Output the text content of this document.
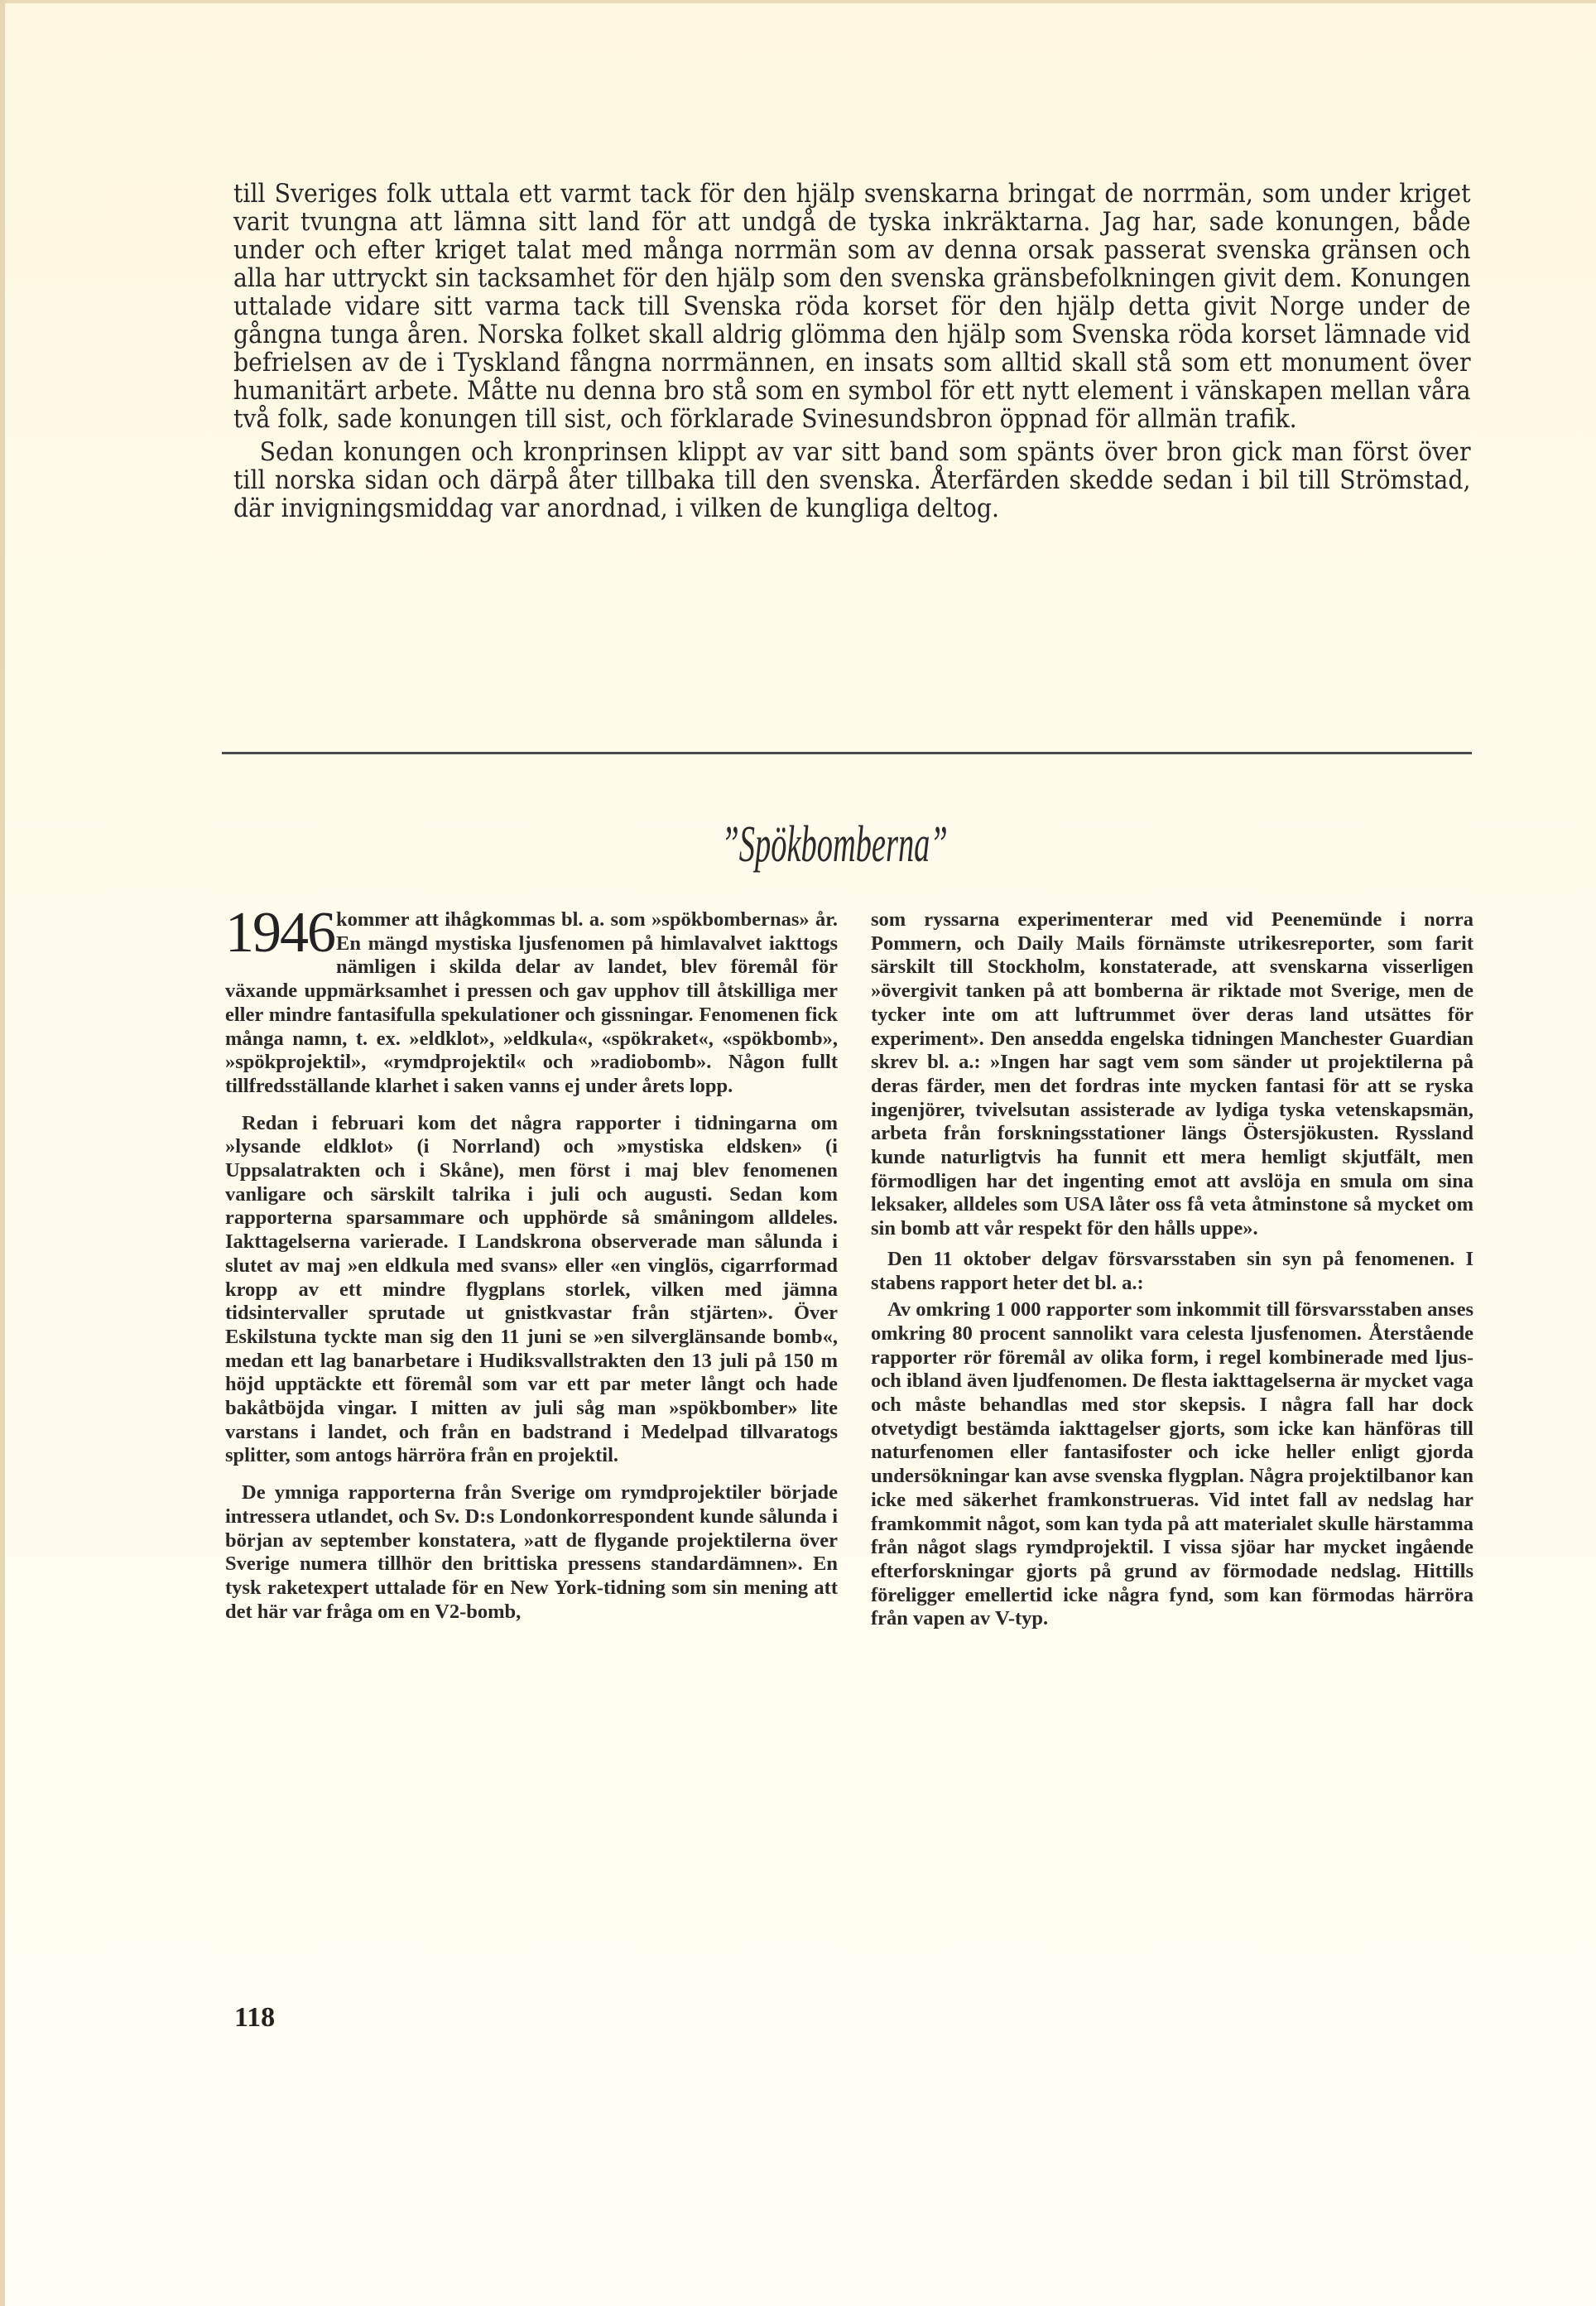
till Sveriges folk uttala ett varmt tack för den hjälp svenskarna bringat de norrmän, som under kriget varit tvungna att lämna sitt land för att undgå de tyska inkräktarna. Jag har, sade konungen, både under och efter kriget talat med många norrmän som av denna orsak passerat svenska gränsen och alla har uttryckt sin tacksamhet för den hjälp som den svenska gränsbefolkningen givit dem. Konungen uttalade vidare sitt varma tack till Svenska röda korset för den hjälp detta givit Norge under de gångna tunga åren. Norska folket skall aldrig glömma den hjälp som Svenska röda korset lämnade vid befrielsen av de i Tyskland fångna norrmännen, en insats som alltid skall stå som ett monument över humanitärt arbete. Måtte nu denna bro stå som en symbol för ett nytt element i vänskapen mellan våra två folk, sade konungen till sist, och förklarade Svinesundsbron öppnad för allmän trafik.

Sedan konungen och kronprinsen klippt av var sitt band som spänts över bron gick man först över till norska sidan och därpå åter tillbaka till den svenska. Återfärden skedde sedan i bil till Strömstad, där invigningsmiddag var anordnad, i vilken de kungliga deltog.

”Spökbomberna”

1946 kommer att ihågkommas bl. a. som »spökbombernas» år. En mängd mystiska ljusfenomen på himlavalvet iakttogs nämligen i skilda delar av landet, blev föremål för växande uppmärksamhet i pressen och gav upphov till åtskilliga mer eller mindre fantasifulla spekulationer och gissningar. Fenomenen fick många namn, t. ex. »eldklot», »eldkula«, «spökraket«, «spökbomb», »spökprojektil», «rymdprojektil« och »radiobomb». Någon fullt tillfredsställande klarhet i saken vanns ej under årets lopp.

Redan i februari kom det några rapporter i tidningarna om »lysande eldklot» (i Norrland) och »mystiska eldsken» (i Uppsalatrakten och i Skåne), men först i maj blev fenomenen vanligare och särskilt talrika i juli och augusti. Sedan kom rapporterna sparsammare och upphörde så småningom alldeles. Iakttagelserna varierade. I Landskrona observerade man sålunda i slutet av maj »en eldkula med svans» eller «en vinglös, cigarrformad kropp av ett mindre flygplans storlek, vilken med jämna tidsintervaller sprutade ut gnistkvastar från stjärten». Över Eskilstuna tyckte man sig den 11 juni se »en silverglänsande bomb«, medan ett lag banarbetare i Hudiksvallstrakten den 13 juli på 150 m höjd upptäckte ett föremål som var ett par meter långt och hade bakåtböjda vingar. I mitten av juli såg man »spökbomber» lite varstans i landet, och från en badstrand i Medelpad tillvaratogs splitter, som antogs härröra från en projektil.

De ymniga rapporterna från Sverige om rymdprojektiler började intressera utlandet, och Sv. D:s Londonkorrespondent kunde sålunda i början av september konstatera, »att de flygande projektilerna över Sverige numera tillhör den brittiska pressens standardämnen». En tysk raketexpert uttalade för en New York-tidning som sin mening att det här var fråga om en V2-bomb,

som ryssarna experimenterar med vid Peenemünde i norra Pommern, och Daily Mails förnämste utrikesreporter, som farit särskilt till Stockholm, konstaterade, att svenskarna visserligen »övergivit tanken på att bomberna är riktade mot Sverige, men de tycker inte om att luftrummet över deras land utsättes för experiment». Den ansedda engelska tidningen Manchester Guardian skrev bl. a.: »Ingen har sagt vem som sänder ut projektilerna på deras färder, men det fordras inte mycken fantasi för att se ryska ingenjörer, tvivelsutan assisterade av lydiga tyska vetenskapsmän, arbeta från forskningsstationer längs Östersjökusten. Ryssland kunde naturligtvis ha funnit ett mera hemligt skjutfält, men förmodligen har det ingenting emot att avslöja en smula om sina leksaker, alldeles som USA låter oss få veta åtminstone så mycket om sin bomb att vår respekt för den hålls uppe».

Den 11 oktober delgav försvarsstaben sin syn på fenomenen. I stabens rapport heter det bl. a.:

Av omkring 1 000 rapporter som inkommit till försvarsstaben anses omkring 80 procent sannolikt vara celesta ljusfenomen. Återstående rapporter rör föremål av olika form, i regel kombinerade med ljus- och ibland även ljudfenomen. De flesta iakttagelserna är mycket vaga och måste behandlas med stor skepsis. I några fall har dock otvetydigt bestämda iakttagelser gjorts, som icke kan hänföras till naturfenomen eller fantasifoster och icke heller enligt gjorda undersökningar kan avse svenska flygplan. Några projektilbanor kan icke med säkerhet framkonstrueras. Vid intet fall av nedslag har framkommit något, som kan tyda på att materialet skulle härstamma från något slags rymdprojektil. I vissa sjöar har mycket ingående efterforskningar gjorts på grund av förmodade nedslag. Hittills föreligger emellertid icke några fynd, som kan förmodas härröra från vapen av V-typ.

118
